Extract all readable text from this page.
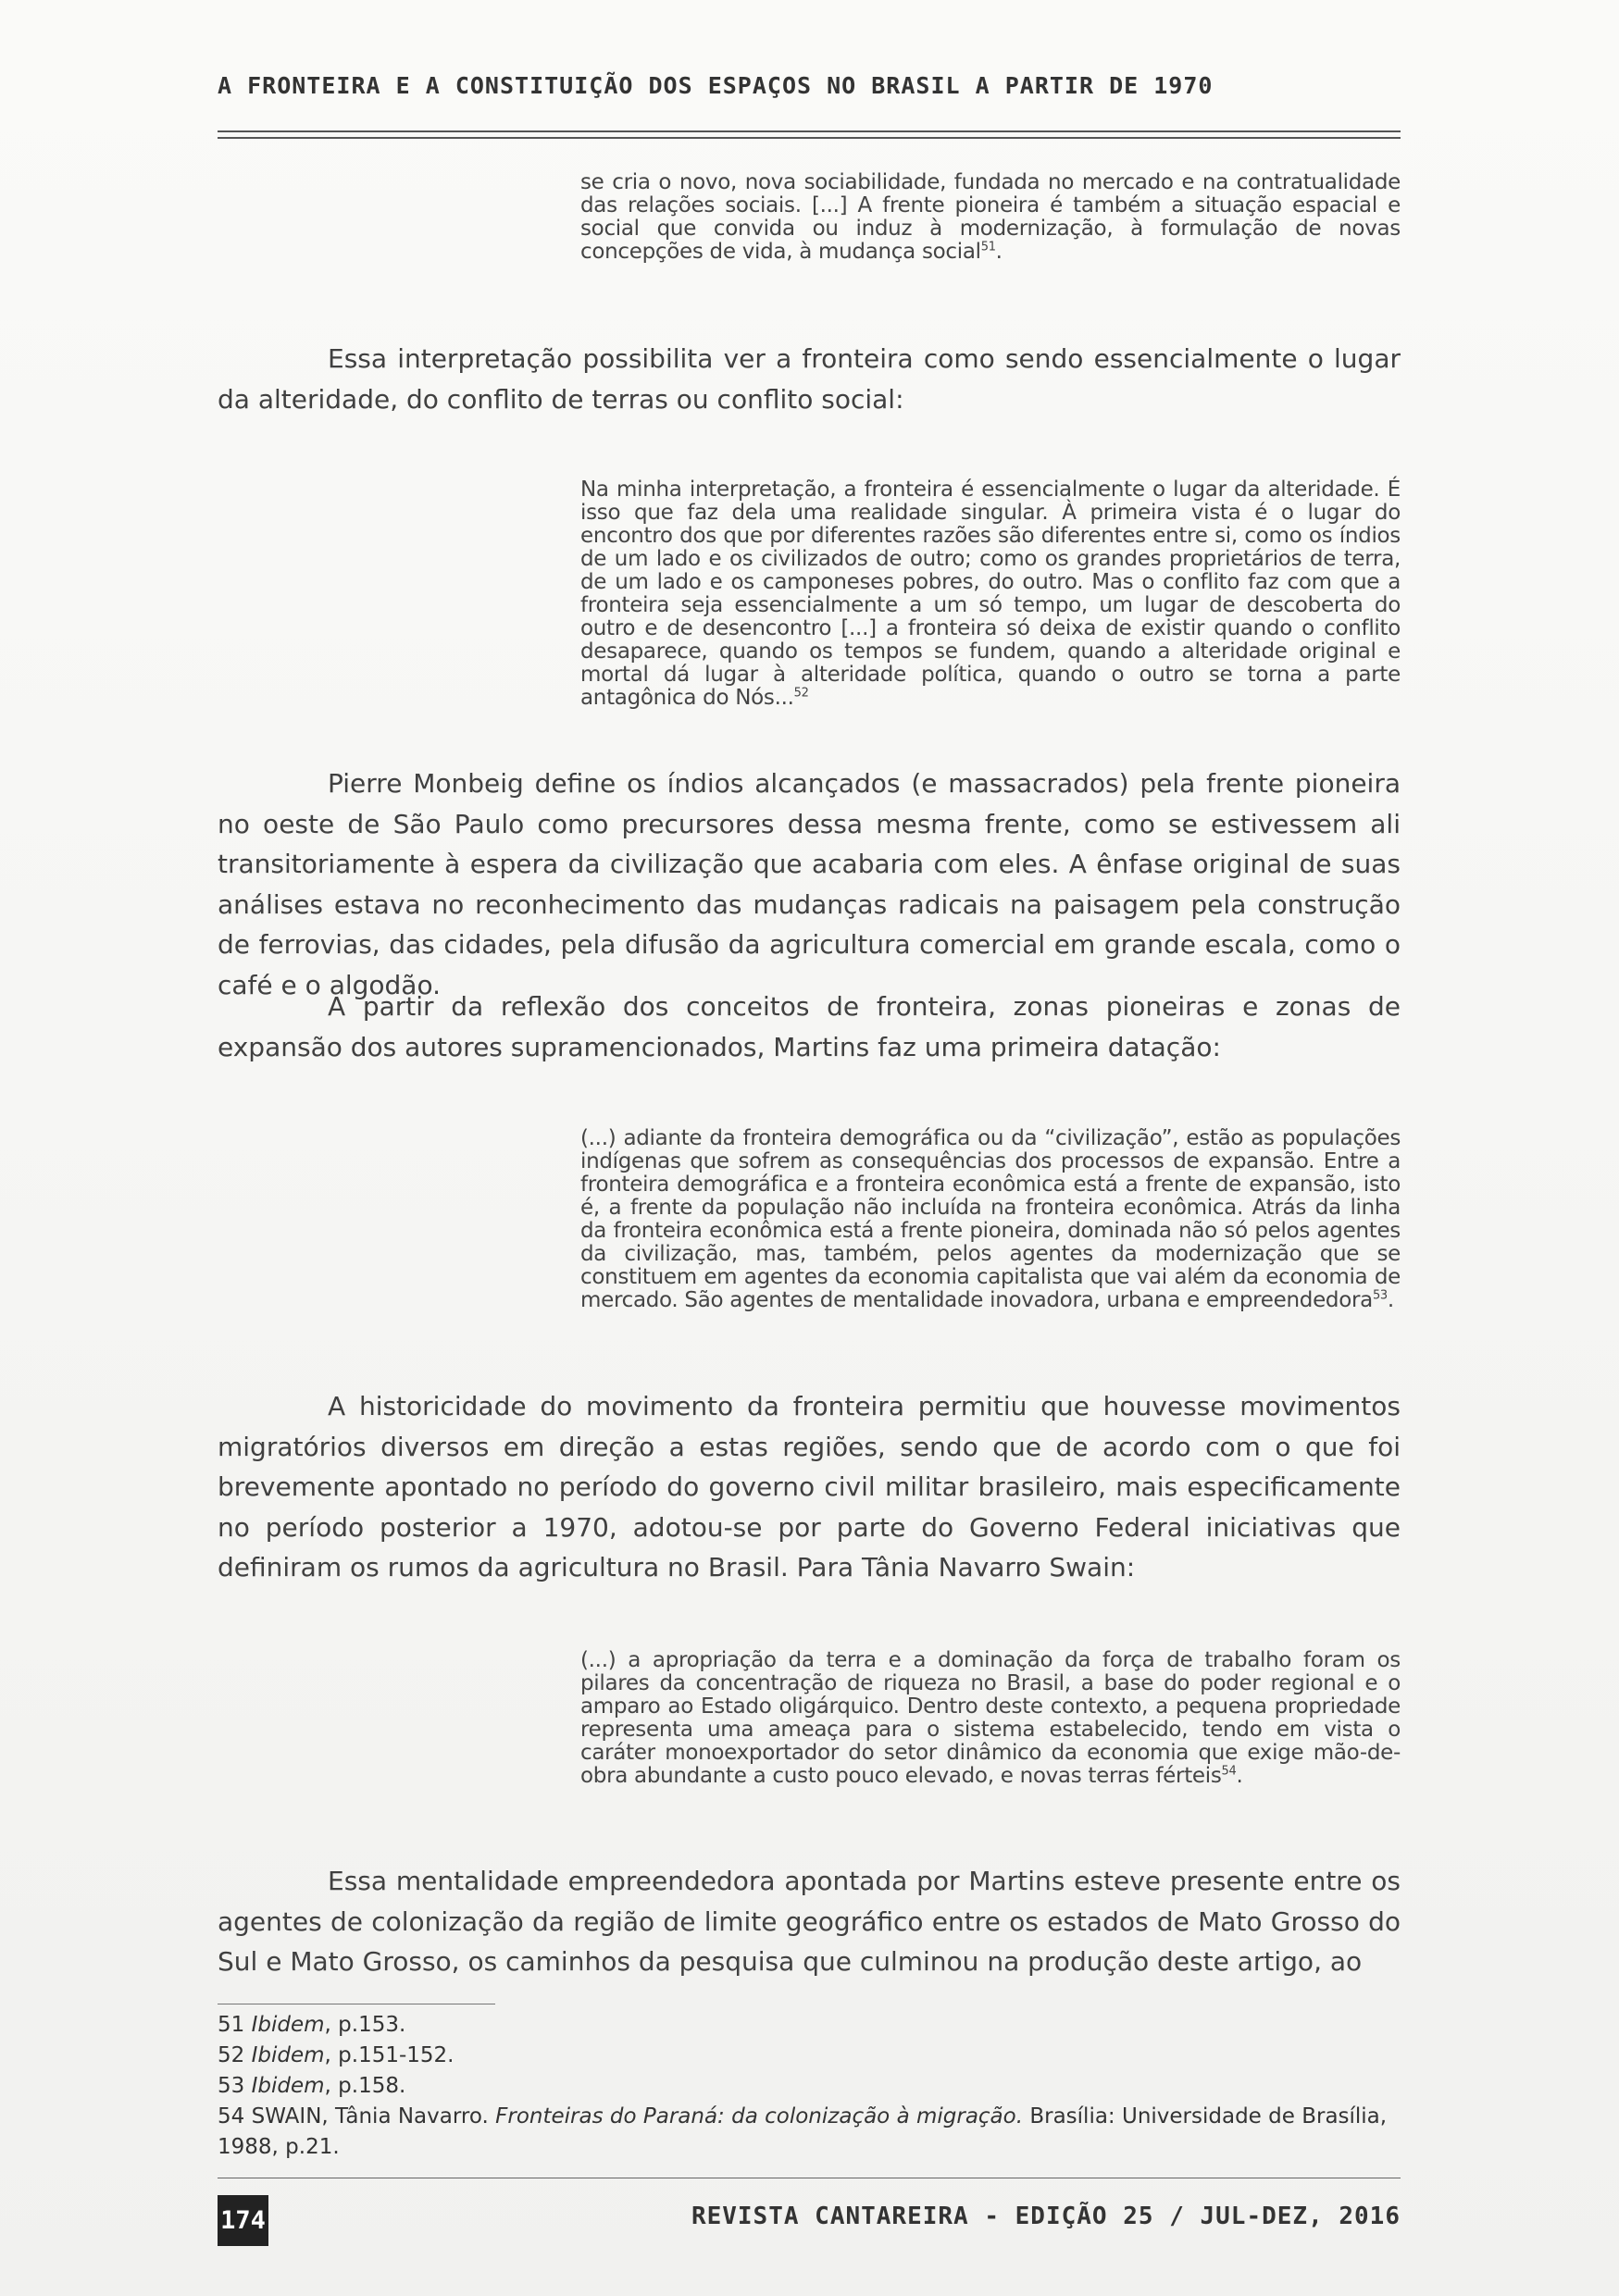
A FRONTEIRA E A CONSTITUIÇÃO DOS ESPAÇOS NO BRASIL A PARTIR DE 1970
se cria o novo, nova sociabilidade, fundada no mercado e na contratualidade das relações sociais. [...] A frente pioneira é também a situação espacial e social que convida ou induz à modernização, à formulação de novas concepções de vida, à mudança social$^{51}$.

Essa interpretação possibilita ver a fronteira como sendo essencialmente o lugar da alteridade, do conflito de terras ou conflito social:

Na minha interpretação, a fronteira é essencialmente o lugar da alteridade. É isso que faz dela uma realidade singular. À primeira vista é o lugar do encontro dos que por diferentes razões são diferentes entre si, como os índios de um lado e os civilizados de outro; como os grandes proprietários de terra, de um lado e os camponeses pobres, do outro. Mas o conflito faz com que a fronteira seja essencialmente a um só tempo, um lugar de descoberta do outro e de desencontro [...] a fronteira só deixa de existir quando o conflito desaparece, quando os tempos se fundem, quando a alteridade original e mortal dá lugar à alteridade política, quando o outro se torna a parte antagônica do Nós...$^{52}$

Pierre Monbeig define os índios alcançados (e massacrados) pela frente pioneira no oeste de São Paulo como precursores dessa mesma frente, como se estivessem ali transitoriamente à espera da civilização que acabaria com eles. A ênfase original de suas análises estava no reconhecimento das mudanças radicais na paisagem pela construção de ferrovias, das cidades, pela difusão da agricultura comercial em grande escala, como o café e o algodão.

A partir da reflexão dos conceitos de fronteira, zonas pioneiras e zonas de expansão dos autores supramencionados, Martins faz uma primeira datação:

(...) adiante da fronteira demográfica ou da “civilização”, estão as populações indígenas que sofrem as consequências dos processos de expansão. Entre a fronteira demográfica e a fronteira econômica está a frente de expansão, isto é, a frente da população não incluída na fronteira econômica. Atrás da linha da fronteira econômica está a frente pioneira, dominada não só pelos agentes da civilização, mas, também, pelos agentes da modernização que se constituem em agentes da economia capitalista que vai além da economia de mercado. São agentes de mentalidade inovadora, urbana e empreendedora$^{53}$.

A historicidade do movimento da fronteira permitiu que houvesse movimentos migratórios diversos em direção a estas regiões, sendo que de acordo com o que foi brevemente apontado no período do governo civil militar brasileiro, mais especificamente no período posterior a 1970, adotou-se por parte do Governo Federal iniciativas que definiram os rumos da agricultura no Brasil. Para Tânia Navarro Swain:

(...) a apropriação da terra e a dominação da força de trabalho foram os pilares da concentração de riqueza no Brasil, a base do poder regional e o amparo ao Estado oligárquico. Dentro deste contexto, a pequena propriedade representa uma ameaça para o sistema estabelecido, tendo em vista o caráter monoexportador do setor dinâmico da economia que exige mão-de-obra abundante a custo pouco elevado, e novas terras férteis$^{54}$.

Essa mentalidade empreendedora apontada por Martins esteve presente entre os agentes de colonização da região de limite geográfico entre os estados de Mato Grosso do Sul e Mato Grosso, os caminhos da pesquisa que culminou na produção deste artigo, ao

51 Ibidem, p.153.

52 Ibidem, p.151-152.

53 Ibidem, p.158.

54 SWAIN, Tânia Navarro. Fronteiras do Paraná: da colonização à migração. Brasília: Universidade de Brasília, 1988, p.21.

174	REVISTA CANTAREIRA - EDIÇÃO 25 / JUL-DEZ, 2016
